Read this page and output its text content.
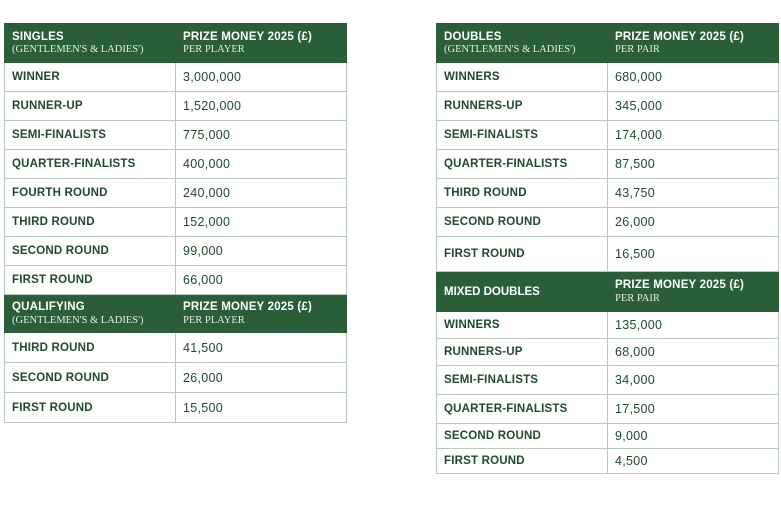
SINGLES
(GENTLEMEN'S & LADIES')	PRIZE MONEY 2025 (£)
PER PLAYER

WINNER	3,000,000
RUNNER-UP	1,520,000
SEMI-FINALISTS	775,000
QUARTER-FINALISTS	400,000
FOURTH ROUND	240,000
THIRD ROUND	152,000
SECOND ROUND	99,000
FIRST ROUND	66,000

QUALIFYING
(GENTLEMEN'S & LADIES')	PRIZE MONEY 2025 (£)
PER PLAYER

THIRD ROUND	41,500
SECOND ROUND	26,000
FIRST ROUND	15,500
DOUBLES
(GENTLEMEN'S & LADIES')	PRIZE MONEY 2025 (£)
PER PAIR

WINNERS	680,000
RUNNERS-UP	345,000
SEMI-FINALISTS	174,000
QUARTER-FINALISTS	87,500
THIRD ROUND	43,750
SECOND ROUND	26,000
FIRST ROUND	16,500
MIXED DOUBLES	PRIZE MONEY 2025 (£)
PER PAIR

WINNERS	135,000
RUNNERS-UP	68,000
SEMI-FINALISTS	34,000
QUARTER-FINALISTS	17,500
SECOND ROUND	9,000
FIRST ROUND	4,500
